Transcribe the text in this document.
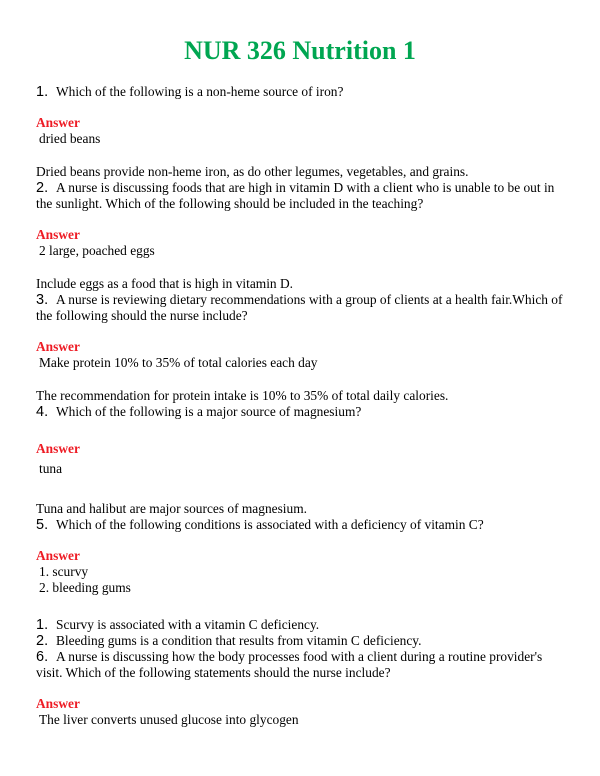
NUR 326 Nutrition 1

1. Which of the following is a non-heme source of iron?

Answer

dried beans

Dried beans provide non-heme iron, as do other legumes, vegetables, and grains.

2. A nurse is discussing foods that are high in vitamin D with a client who is unable to be out in the sunlight. Which of the following should be included in the teaching?

Answer

2 large, poached eggs

Include eggs as a food that is high in vitamin D.

3. A nurse is reviewing dietary recommendations with a group of clients at a health fair.Which of the following should the nurse include?

Answer

Make protein 10% to 35% of total calories each day

The recommendation for protein intake is 10% to 35% of total daily calories.

4. Which of the following is a major source of magnesium?

Answer

tuna

Tuna and halibut are major sources of magnesium.

5. Which of the following conditions is associated with a deficiency of vitamin C?

Answer

1. scurvy

2. bleeding gums

1. Scurvy is associated with a vitamin C deficiency.
2. Bleeding gums is a condition that results from vitamin C deficiency.

6. A nurse is discussing how the body processes food with a client during a routine provider's visit. Which of the following statements should the nurse include?

Answer

The liver converts unused glucose into glycogen
